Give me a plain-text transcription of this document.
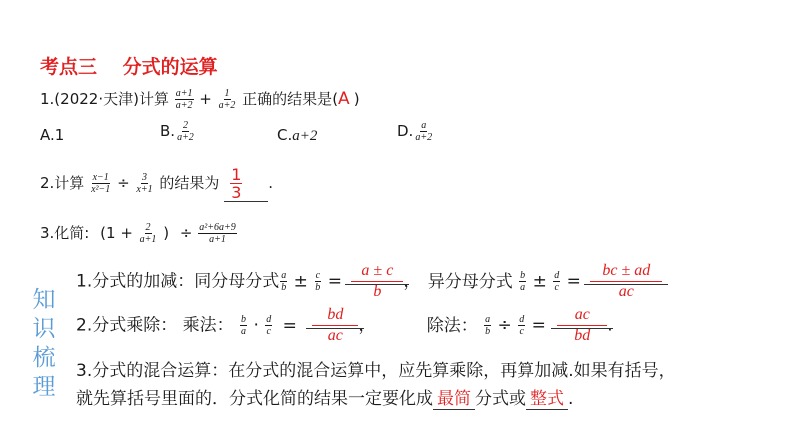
考点三　 分式的运算
1.(2022·天津)计算 $\frac{a+1}{a+2} + \frac{1}{a+2}$ 正确的结果是(A )
A.1	B. $\frac{2}{a+2}$	C.a+2	D. $\frac{a}{a+2}$
2.计算 $\frac{x-1}{\text{x²−1}} \div \frac{3}{x+1}$ 的结果为 $\frac{1}{3}$ .
3.化简: ($1 + \frac{2}{a+1}$ ) ÷ $\frac{\text{a²+6a+9}}{a+1}$
知识梳理
1.分式的加减：同分母分式 $\frac{a}{b} \pm \frac{c}{b} = \frac{a \pm c}{b}$ ， 异分母分式 $\frac{b}{a} \pm \frac{d}{c} = \frac{bc \pm ad}{ac}$
2.分式乘除： 乘法： $\frac{b}{a} \cdot \frac{d}{c} = \frac{bd}{ac}$ ，	除法： $\frac{a}{b} \div \frac{d}{c} = \frac{ac}{bd}$ .
3.分式的混合运算：在分式的混合运算中，应先算乘除，再算加减.如果有括号，
就先算括号里面的．分式化简的结果一定要化成 最简 分式或 整式 .
